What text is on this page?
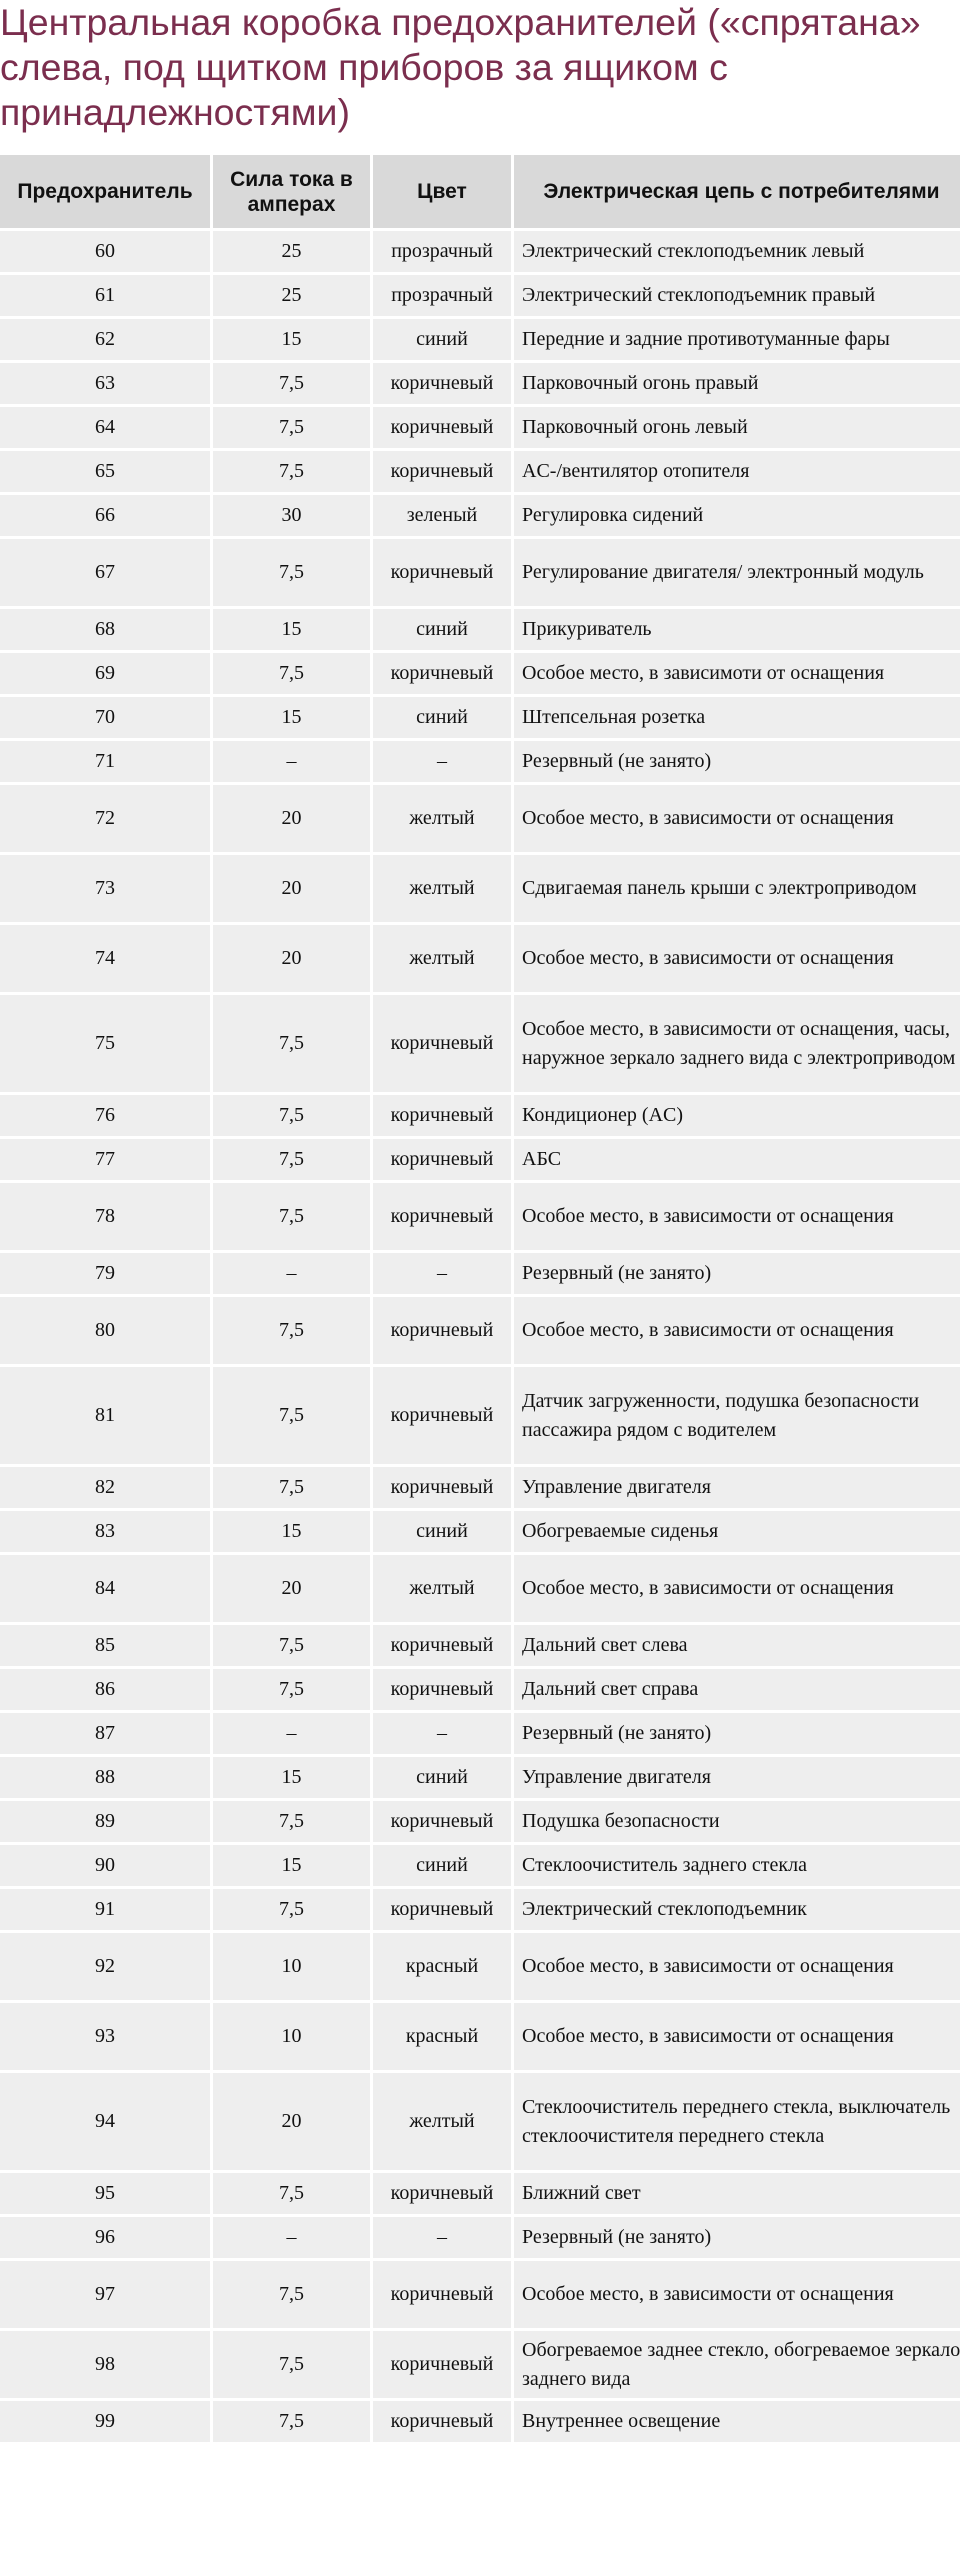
Центральная коробка предохранителей («спрятана»
слева, под щитком приборов за ящиком с
принадлежностями)
Предохранитель	Сила тока в амперах	Цвет	Электрическая цепь с потребителями
60	25	прозрачный	Электрический стеклоподъемник левый
61	25	прозрачный	Электрический стеклоподъемник правый
62	15	синий	Передние и задние противотуманные фары
63	7,5	коричневый	Парковочный огонь правый
64	7,5	коричневый	Парковочный огонь левый
65	7,5	коричневый	AC-/вентилятор отопителя
66	30	зеленый	Регулировка сидений
67	7,5	коричневый	Регулирование двигателя/ электронный модуль
68	15	синий	Прикуриватель
69	7,5	коричневый	Особое место, в зависимоти от оснащения
70	15	синий	Штепсельная розетка
71	–	–	Резервный (не занято)
72	20	желтый	Особое место, в зависимости от оснащения
73	20	желтый	Сдвигаемая панель крыши с электроприводом
74	20	желтый	Особое место, в зависимости от оснащения
75	7,5	коричневый	Особое место, в зависимости от оснащения, часы, наружное зеркало заднего вида с электроприводом
76	7,5	коричневый	Кондиционер (AC)
77	7,5	коричневый	АБС
78	7,5	коричневый	Особое место, в зависимости от оснащения
79	–	–	Резервный (не занято)
80	7,5	коричневый	Особое место, в зависимости от оснащения
81	7,5	коричневый	Датчик загруженности, подушка безопасности пассажира рядом с водителем
82	7,5	коричневый	Управление двигателя
83	15	синий	Обогреваемые сиденья
84	20	желтый	Особое место, в зависимости от оснащения
85	7,5	коричневый	Дальний свет слева
86	7,5	коричневый	Дальний свет справа
87	–	–	Резервный (не занято)
88	15	синий	Управление двигателя
89	7,5	коричневый	Подушка безопасности
90	15	синий	Стеклоочиститель заднего стекла
91	7,5	коричневый	Электрический стеклоподъемник
92	10	красный	Особое место, в зависимости от оснащения
93	10	красный	Особое место, в зависимости от оснащения
94	20	желтый	Стеклоочиститель переднего стекла, выключатель стеклоочистителя переднего стекла
95	7,5	коричневый	Ближний свет
96	–	–	Резервный (не занято)
97	7,5	коричневый	Особое место, в зависимости от оснащения
98	7,5	коричневый	Обогреваемое заднее стекло, обогреваемое зеркало заднего вида
99	7,5	коричневый	Внутреннее освещение
